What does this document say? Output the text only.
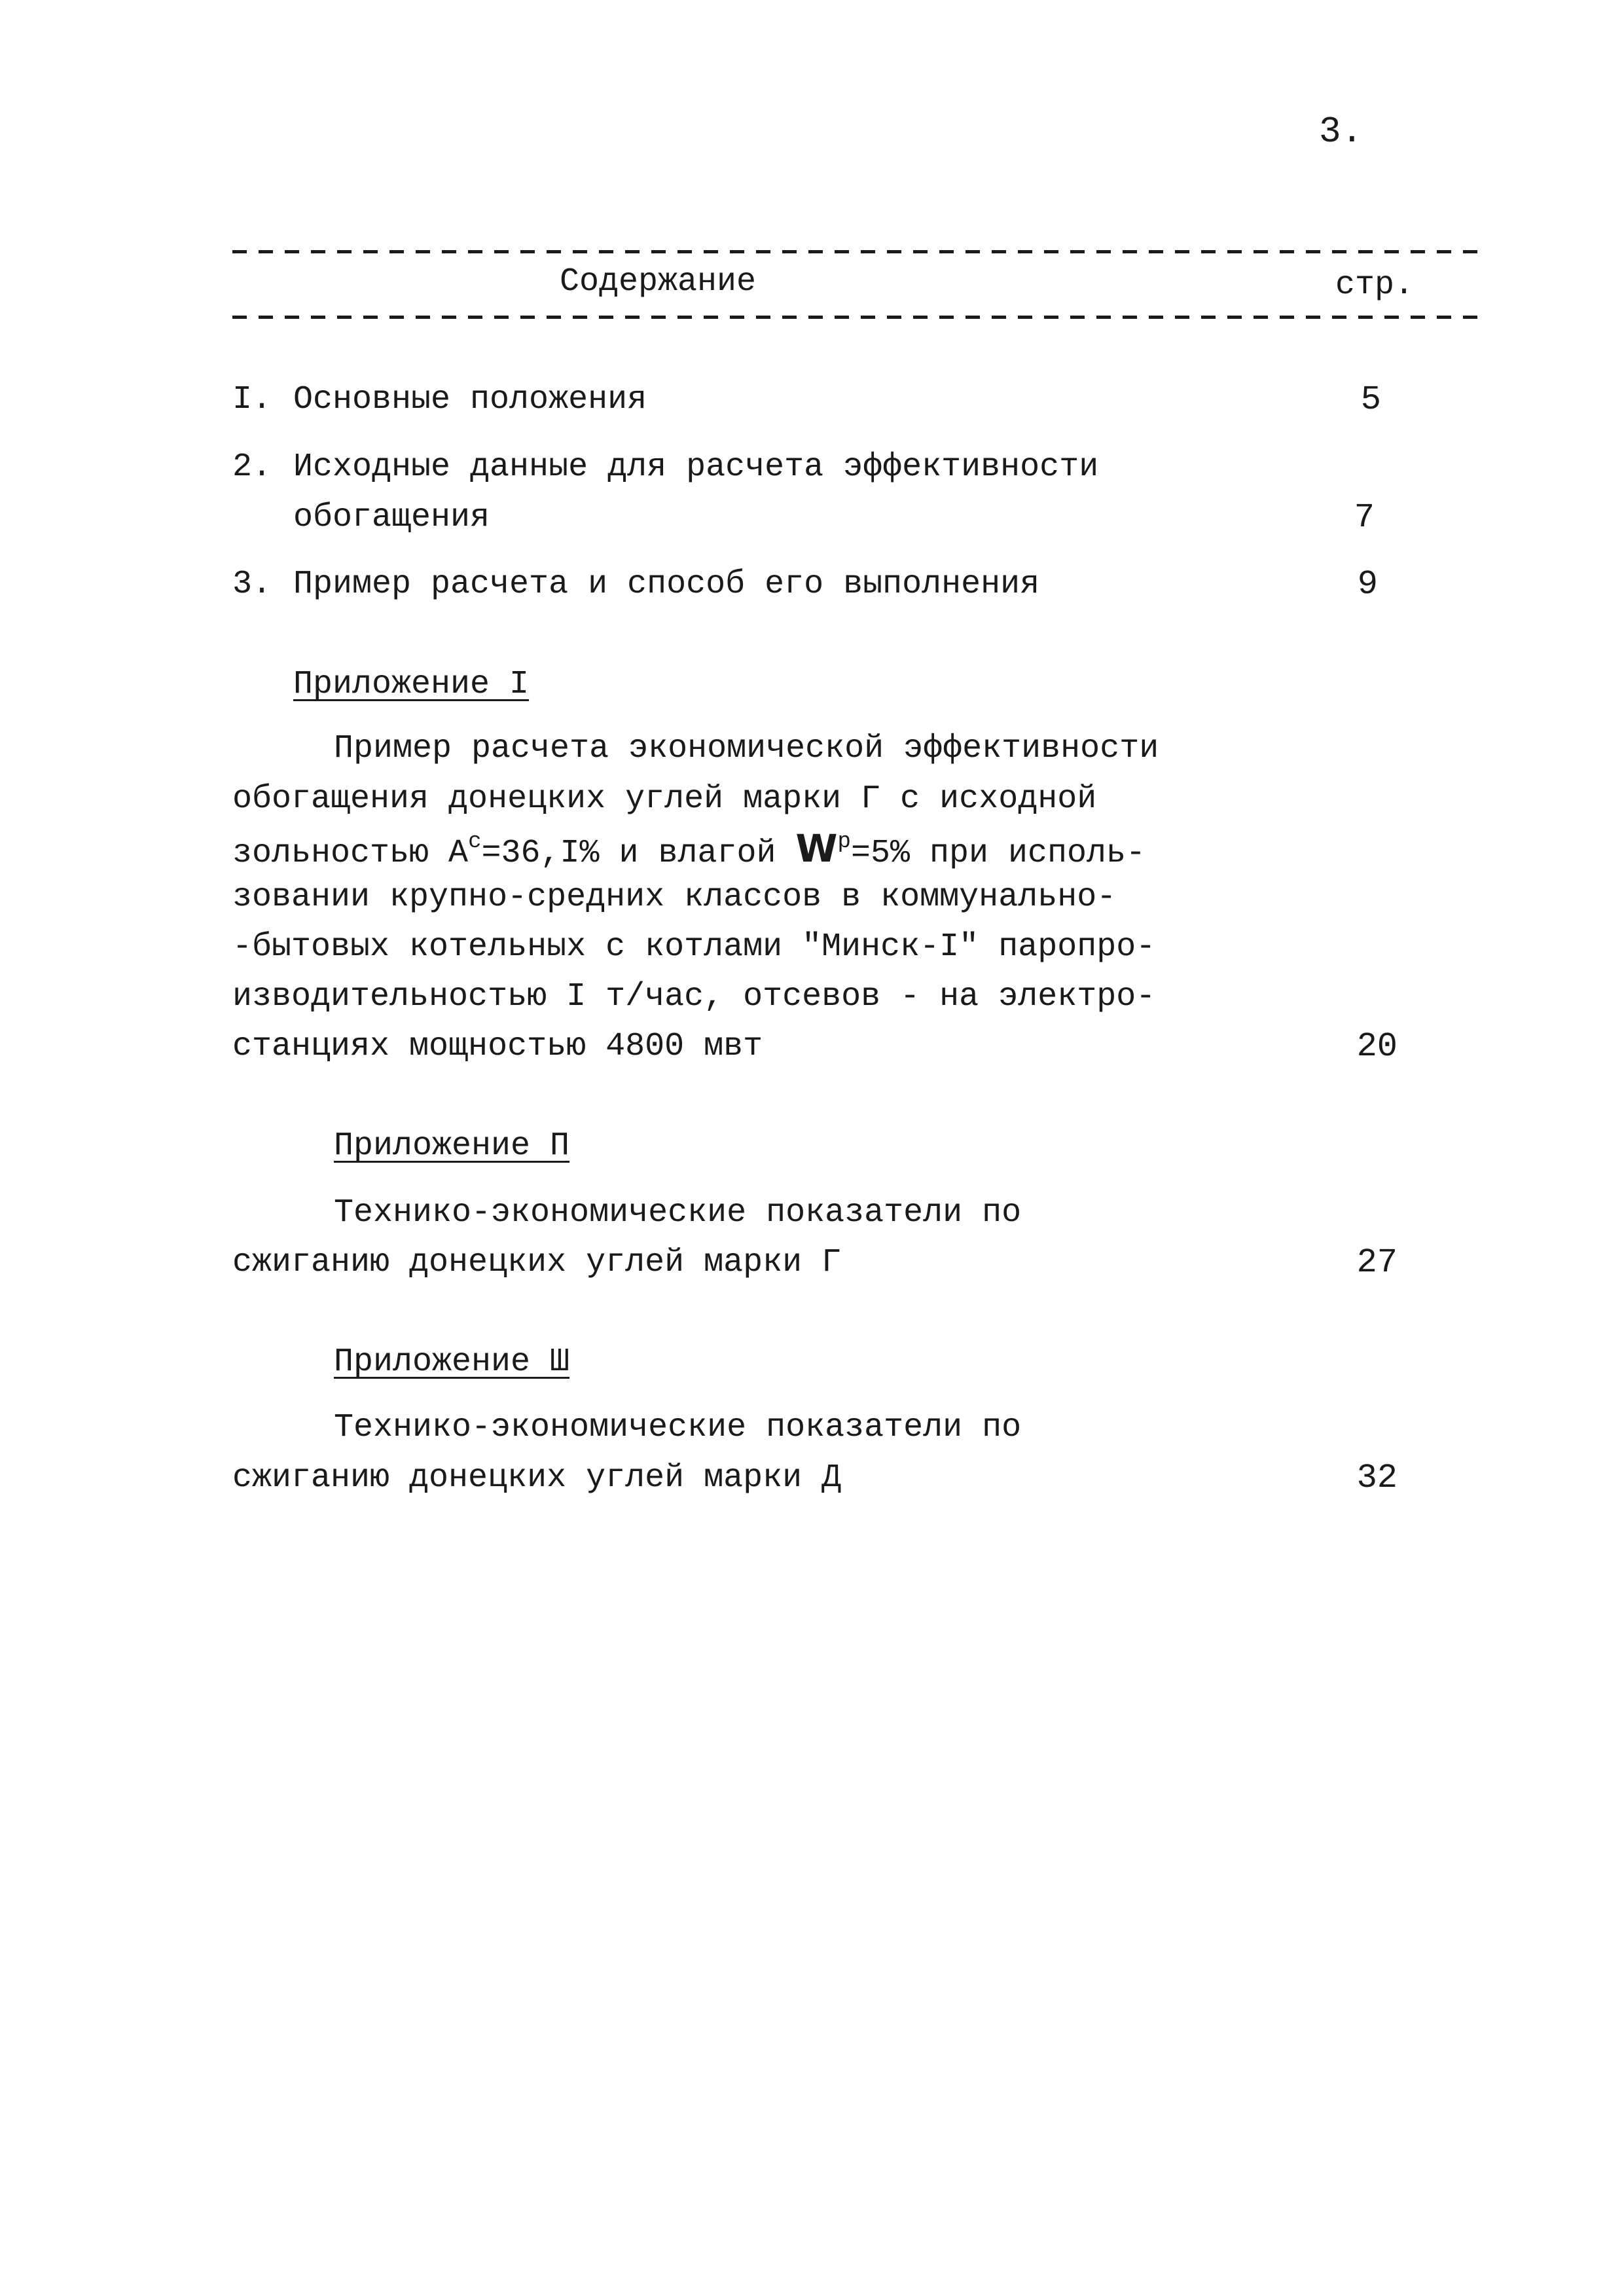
3.
Содержание	стр.
I. Основные положения	5
2. Исходные данные для расчета эффективности
обогащения	7
3. Пример расчета и способ его выполнения	9
Приложение I
Пример расчета экономической эффективности
обогащения донецких углей марки Г с исходной
зольностью $А^с=36,I\%$ и влагой $W^р=5\%$ при исполь-
зовании крупно-средних классов в коммунально-
-бытовых котельных с котлами "Минск-I" паропро-
изводительностью I т/час, отсевов - на электро-
станциях мощностью 4800 мвт	20
Приложение П
Технико-экономические показатели по
сжиганию донецких углей марки Г	27
Приложение Ш
Технико-экономические показатели по
сжиганию донецких углей марки Д	32
